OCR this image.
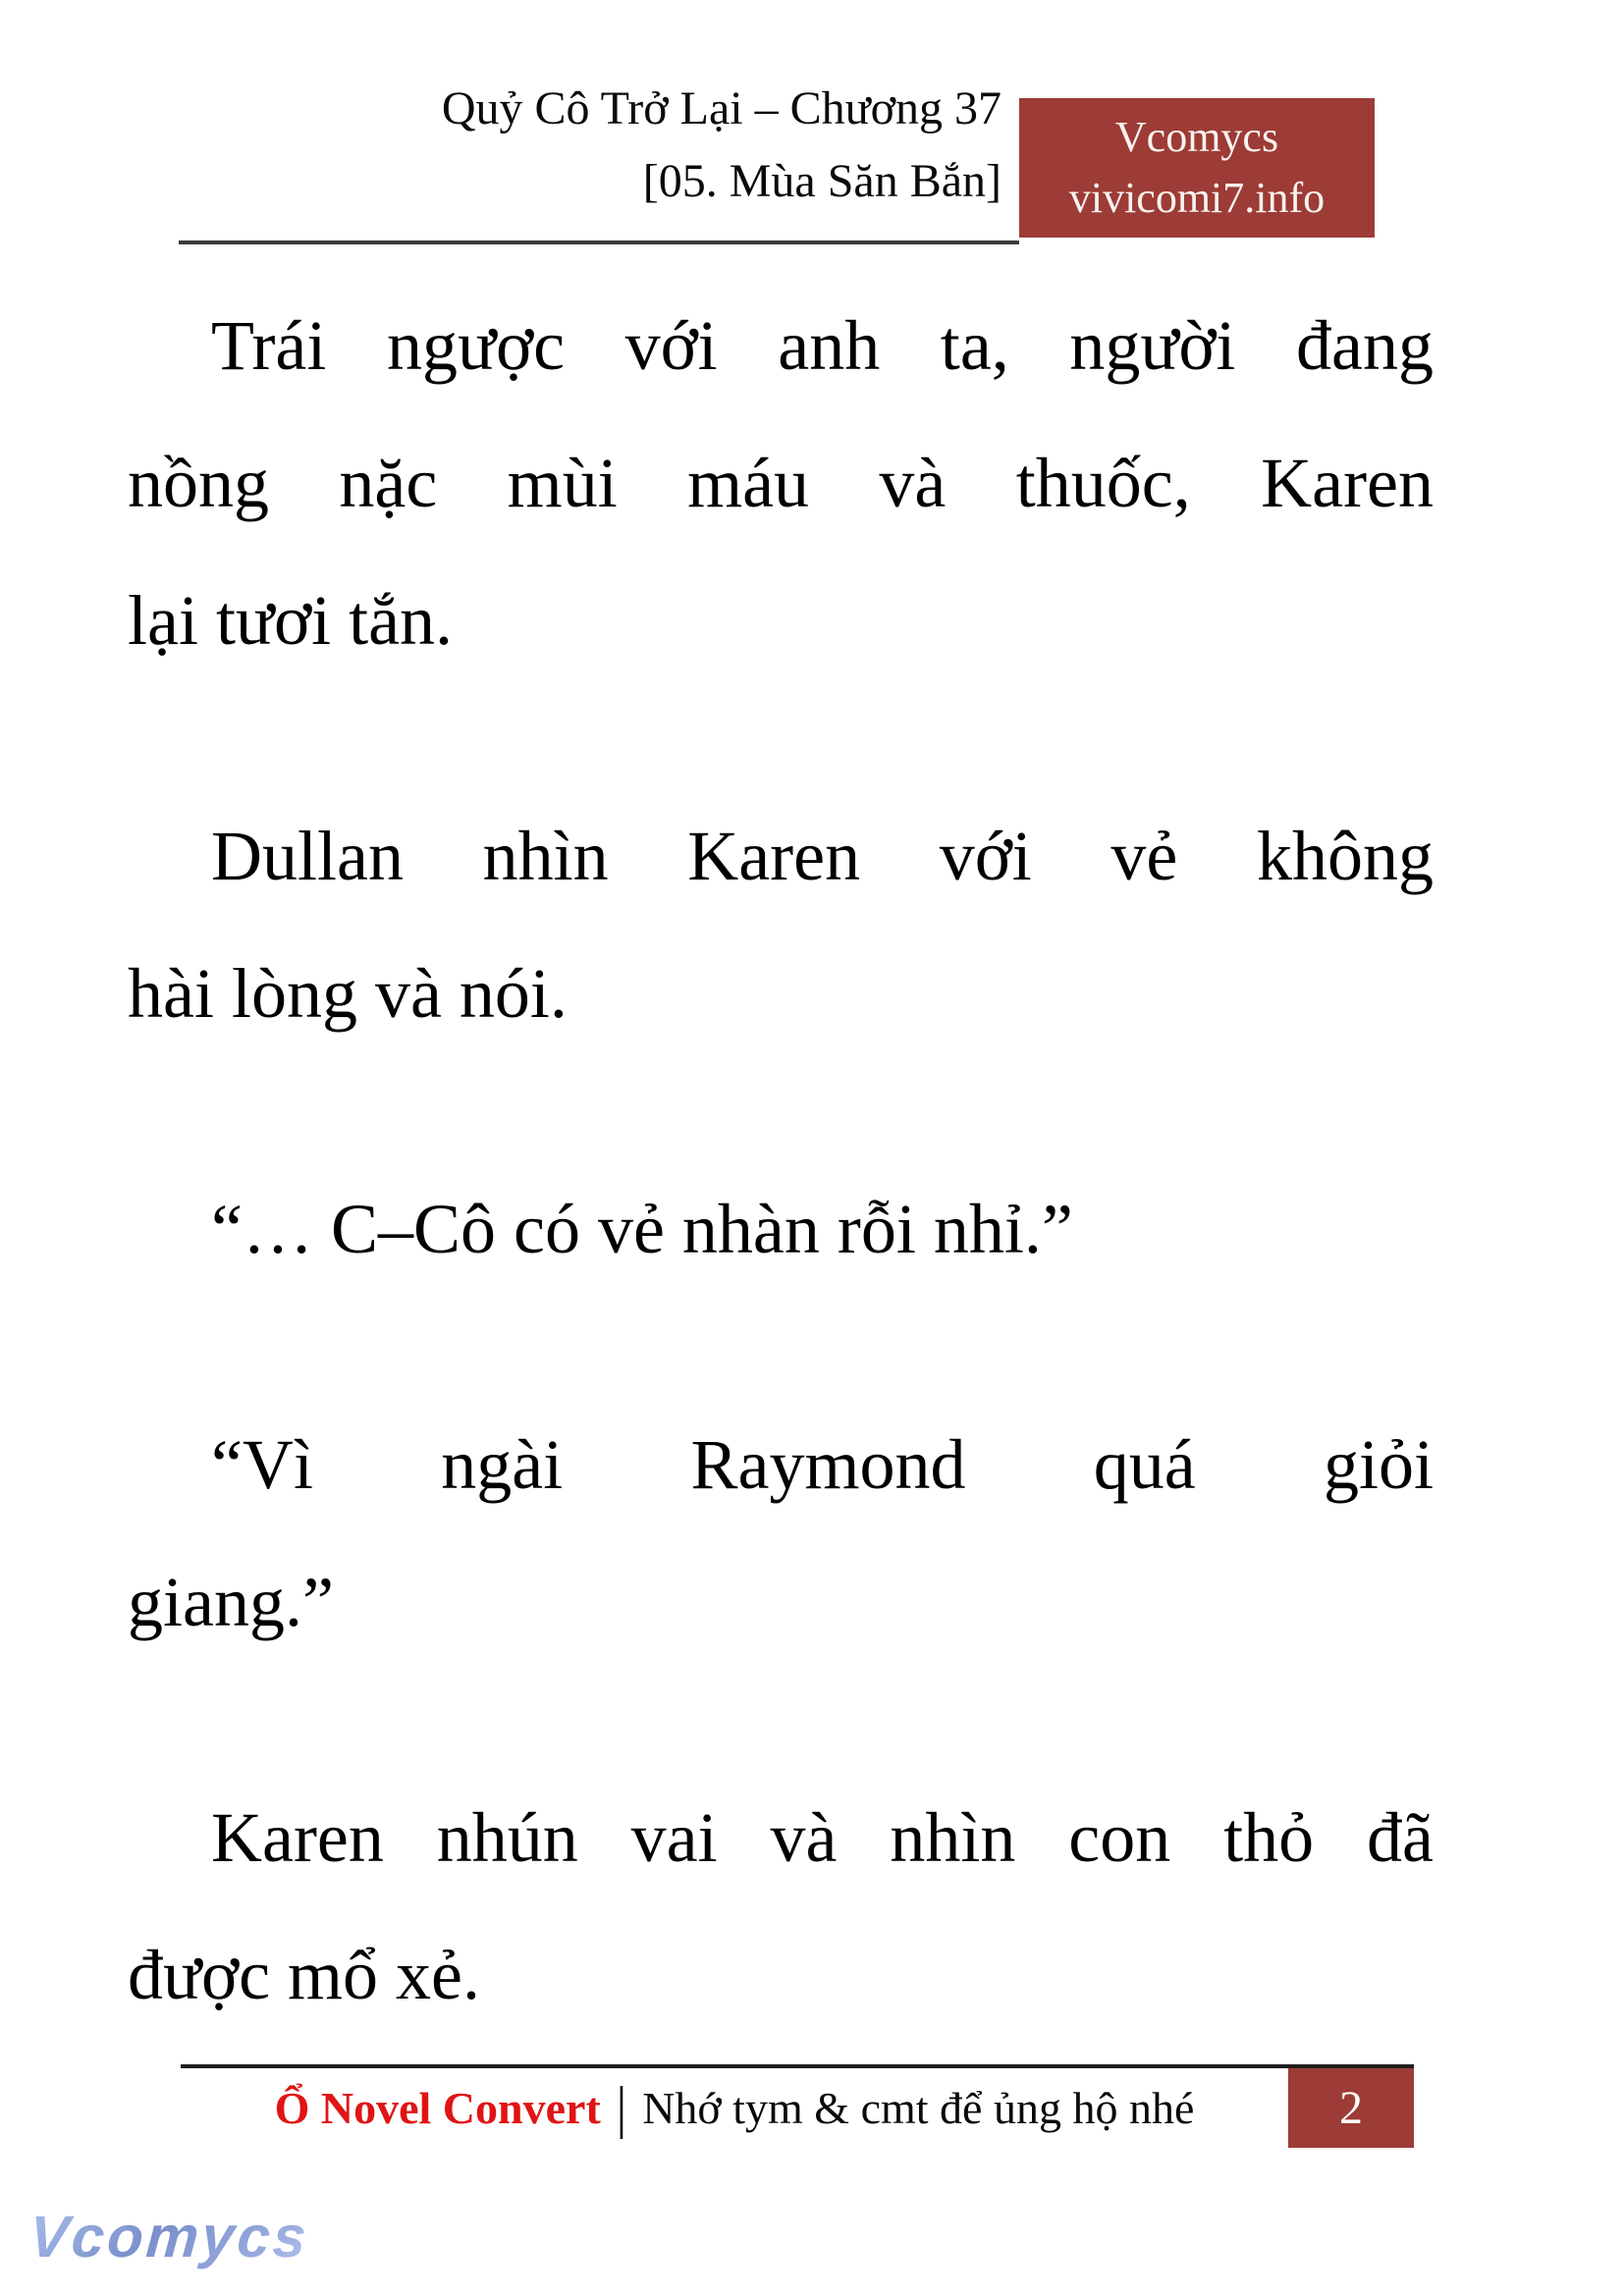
Quỷ Cô Trở Lại – Chương 37
[05. Mùa Săn Bắn]
Vcomycs
vivicomi7.info
Trái ngược với anh ta, người đang
nồng nặc mùi máu và thuốc, Karen
lại tươi tắn.
Dullan nhìn Karen với vẻ không
hài lòng và nói.
“… C–Cô có vẻ nhàn rỗi nhỉ.”
“Vì ngài Raymond quá giỏi
giang.”
Karen nhún vai và nhìn con thỏ đã
được mổ xẻ.
Ổ Novel Convert | Nhớ tym & cmt để ủng hộ nhé	2
Vcomycs
